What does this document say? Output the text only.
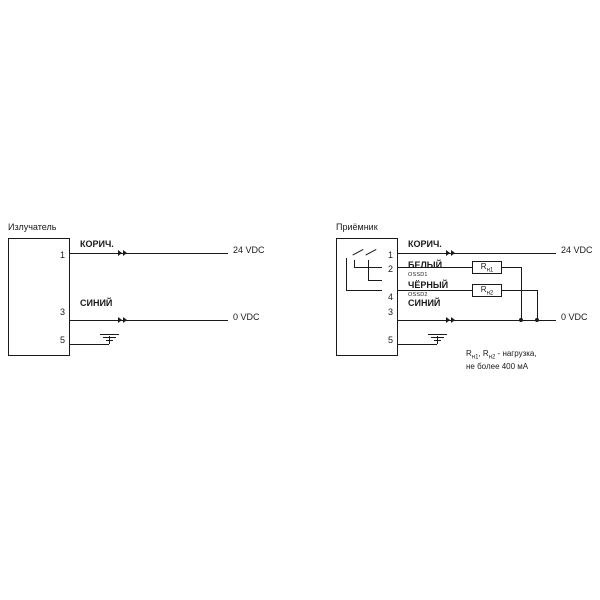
Излучатель
1
3
5
КОРИЧ.
СИНИЙ
24 VDC
0 VDC
Приёмник
1
2
4
3
5
КОРИЧ.
БЕЛЫЙ
OSSD1
ЧЁРНЫЙ
OSSD2
СИНИЙ
24 VDC
$R_{н1}$
$R_{н2}$
0 VDC
$R_{н1}$, $R_{н2}$ - нагрузка,
не более 400 мА
